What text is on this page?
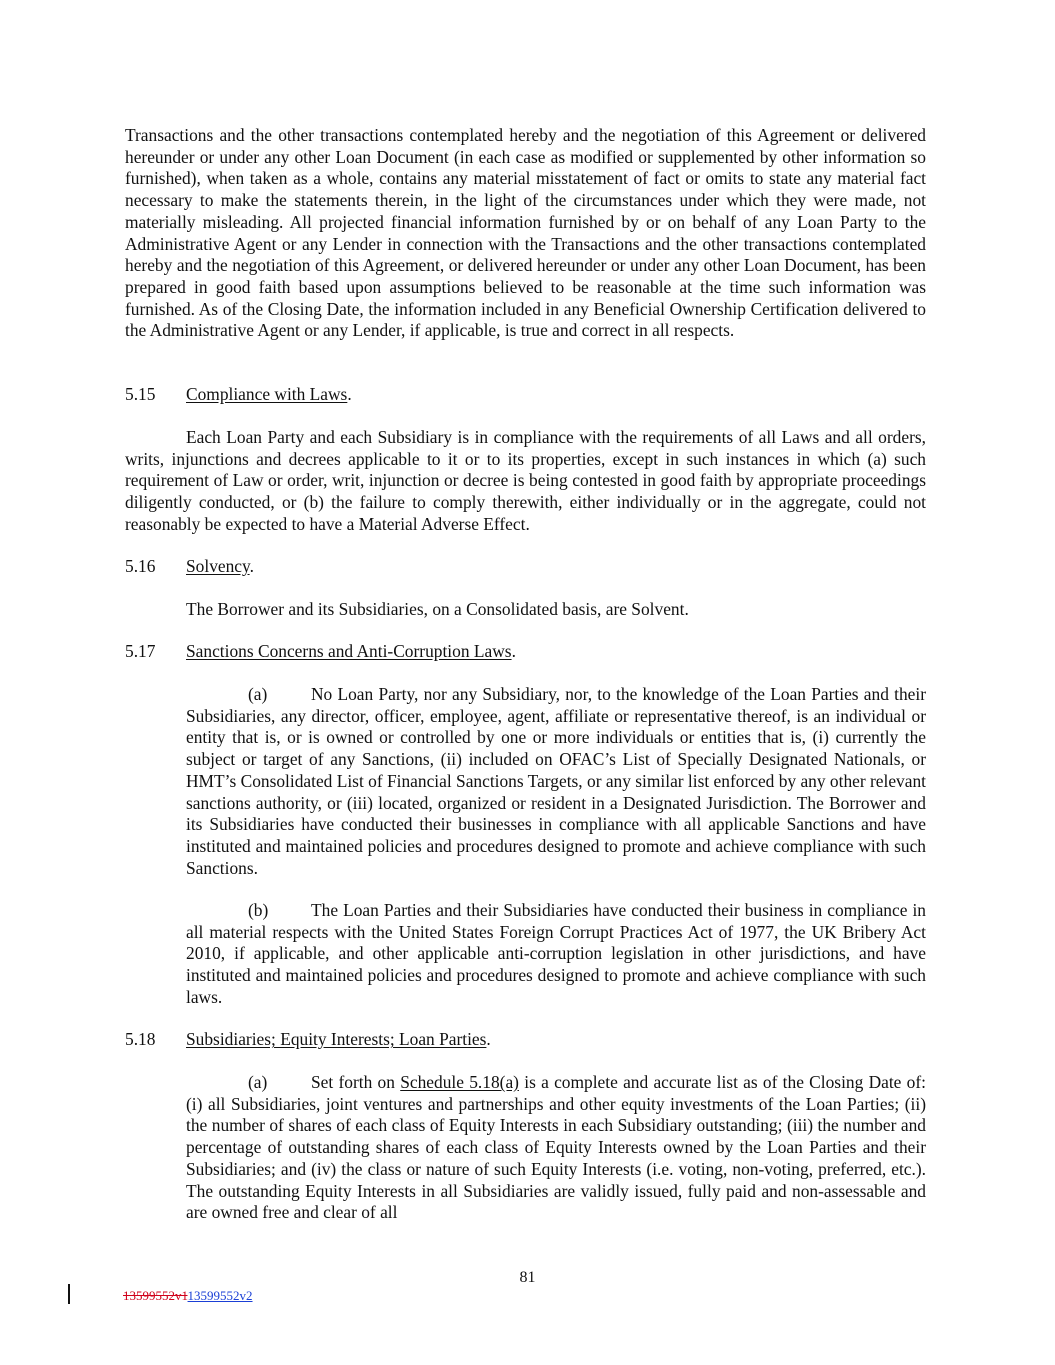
Transactions and the other transactions contemplated hereby and the negotiation of this Agreement or delivered hereunder or under any other Loan Document (in each case as modified or supplemented by other information so furnished), when taken as a whole, contains any material misstatement of fact or omits to state any material fact necessary to make the statements therein, in the light of the circumstances under which they were made, not materially misleading. All projected financial information furnished by or on behalf of any Loan Party to the Administrative Agent or any Lender in connection with the Transactions and the other transactions contemplated hereby and the negotiation of this Agreement, or delivered hereunder or under any other Loan Document, has been prepared in good faith based upon assumptions believed to be reasonable at the time such information was furnished. As of the Closing Date, the information included in any Beneficial Ownership Certification delivered to the Administrative Agent or any Lender, if applicable, is true and correct in all respects.

5.15 Compliance with Laws.

Each Loan Party and each Subsidiary is in compliance with the requirements of all Laws and all orders, writs, injunctions and decrees applicable to it or to its properties, except in such instances in which (a) such requirement of Law or order, writ, injunction or decree is being contested in good faith by appropriate proceedings diligently conducted, or (b) the failure to comply therewith, either individually or in the aggregate, could not reasonably be expected to have a Material Adverse Effect.

5.16 Solvency.

The Borrower and its Subsidiaries, on a Consolidated basis, are Solvent.

5.17 Sanctions Concerns and Anti-Corruption Laws.

(a)	No Loan Party, nor any Subsidiary, nor, to the knowledge of the Loan Parties and their Subsidiaries, any director, officer, employee, agent, affiliate or representative thereof, is an individual or entity that is, or is owned or controlled by one or more individuals or entities that is, (i) currently the subject or target of any Sanctions, (ii) included on OFAC’s List of Specially Designated Nationals, or HMT’s Consolidated List of Financial Sanctions Targets, or any similar list enforced by any other relevant sanctions authority, or (iii) located, organized or resident in a Designated Jurisdiction. The Borrower and its Subsidiaries have conducted their businesses in compliance with all applicable Sanctions and have instituted and maintained policies and procedures designed to promote and achieve compliance with such Sanctions.

(b) The Loan Parties and their Subsidiaries have conducted their business in compliance in all material respects with the United States Foreign Corrupt Practices Act of 1977, the UK Bribery Act 2010, if applicable, and other applicable anti-corruption legislation in other jurisdictions, and have instituted and maintained policies and procedures designed to promote and achieve compliance with such laws.

5.18 Subsidiaries; Equity Interests; Loan Parties.

(a)	Set forth on Schedule 5.18(a) is a complete and accurate list as of the Closing Date of: (i) all Subsidiaries, joint ventures and partnerships and other equity investments of the Loan Parties; (ii) the number of shares of each class of Equity Interests in each Subsidiary outstanding; (iii) the number and percentage of outstanding shares of each class of Equity Interests owned by the Loan Parties and their Subsidiaries; and (iv) the class or nature of such Equity Interests (i.e. voting, non-voting, preferred, etc.). The outstanding Equity Interests in all Subsidiaries are validly issued, fully paid and non-assessable and are owned free and clear of all

81
13599552v113599552v2
